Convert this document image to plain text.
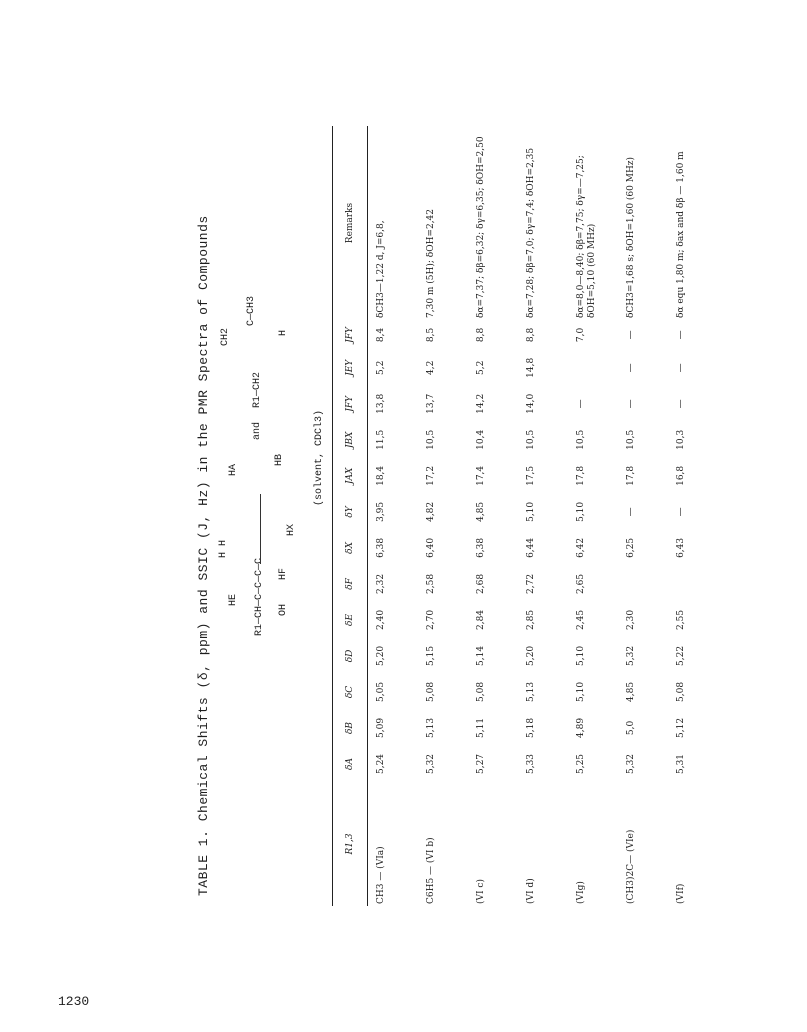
TABLE 1. Chemical Shifts (δ, ppm) and SSIC (J, Hz) in the PMR Spectra of Compounds	R1—CH—C—C—C—C
HE
H H
OH
HF
HX
HA
HB
and
R1—CH2
CH2
C—CH3
H
(solvent, CDCl3)
R1,3	δA	δB	δC	δD	δE	δF	δX	δY	JAX	JBX	JFY	JEY	JFY	Remarks
CH3 — (VIa)	5,24	5,09	5,05	5,20	2,40	2,32	6,38	3,95	18,4	11,5	13,8	5,2	8,4	δCH3—1,22 d, J=6,8,
C6H5 — (VI b)	5,32	5,13	5,08	5,15	2,70	2,58	6,40	4,82	17,2	10,5	13,7	4,2	8,5	7,30 m (5H); δOH=2,42
(VI c)	5,27	5,11	5,08	5,14	2,84	2,68	6,38	4,85	17,4	10,4	14,2	5,2	8,8	δα=7,37; δβ=6,32; δγ=6,35; δOH=2,50
(VI d)	5,33	5,18	5,13	5,20	2,85	2,72	6,44	5,10	17,5	10,5	14,0	14,8	8,8	δα=7,28; δβ=7,0; δγ=7,4; δOH=2,35
(VIg)	5,25	4,89	5,10	5,10	2,45	2,65	6,42	5,10	17,8	10,5	—		7,0	δα=8,0—8,40; δβ=7,75; δγ=—7,25; δOH=5,10 (60 MHz)
(CH3)2C— (VIe)	5,32	5,0	4,85	5,32	2,30		6,25	—	17,8	10,5	—	—	—	δCH3=1,68 s; δOH=1,60 (60 MHz)
(VIf)	5,31	5,12	5,08	5,22	2,55		6,43	—	16,8	10,3	—	—	—	δα equ 1,80 m; δax and δβ — 1,60 m
1230
